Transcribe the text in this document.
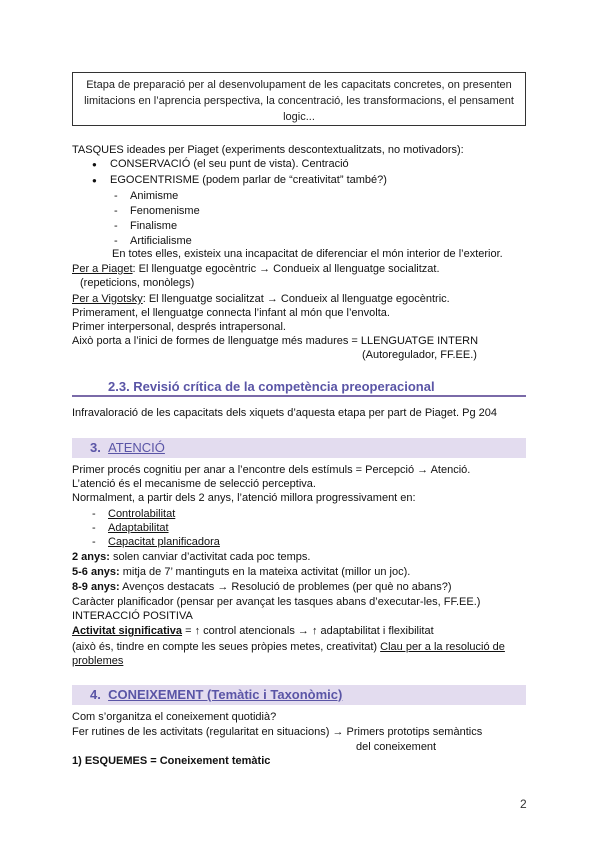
Etapa de preparació per al desenvolupament de les capacitats concretes, on presenten
limitacions en l’aprencia perspectiva, la concentració, les transformacions, el pensament
logic...
TASQUES ideades per Piaget (experiments descontextualitzats, no motivadors):
● CONSERVACIÓ (el seu punt de vista). Centració
● EGOCENTRISME (podem parlar de “creativitat” també?)
- Animisme
- Fenomenisme
- Finalisme
- Artificialisme
En totes elles, existeix una incapacitat de diferenciar el món interior de l’exterior.
Per a Piaget: El llenguatge egocèntric → Condueix al llenguatge socialitzat.
(repeticions, monòlegs)
Per a Vigotsky: El llenguatge socialitzat → Condueix al llenguatge egocèntric.
Primerament, el llenguatge connecta l’infant al món que l’envolta.
Primer interpersonal, després intrapersonal.
Això porta a l’inici de formes de llenguatge més madures = LLENGUATGE INTERN
(Autoregulador, FF.EE.)
2.3. Revisió crítica de la competència preoperacional
Infravaloració de les capacitats dels xiquets d’aquesta etapa per part de Piaget. Pg 204
3. ATENCIÓ
Primer procés cognitiu per anar a l’encontre dels estímuls = Percepció → Atenció.
L’atenció és el mecanisme de selecció perceptiva.
Normalment, a partir dels 2 anys, l’atenció millora progressivament en:
- Controlabilitat
- Adaptabilitat
- Capacitat planificadora
2 anys: solen canviar d’activitat cada poc temps.
5-6 anys: mitja de 7’ mantinguts en la mateixa activitat (millor un joc).
8-9 anys: Avenços destacats → Resolució de problemes (per què no abans?)
Caràcter planificador (pensar per avançat les tasques abans d’executar-les, FF.EE.)
INTERACCIÓ POSITIVA
Activitat significativa = ↑ control atencionals → ↑ adaptabilitat i flexibilitat
(això és, tindre en compte les seues pròpies metes, creativitat) Clau per a la resolució de
problemes
4. CONEIXEMENT (Temàtic i Taxonòmic)
Com s’organitza el coneixement quotidià?
Fer rutines de les activitats (regularitat en situacions) → Primers prototips semàntics
del coneixement
1) ESQUEMES = Coneixement temàtic
2
